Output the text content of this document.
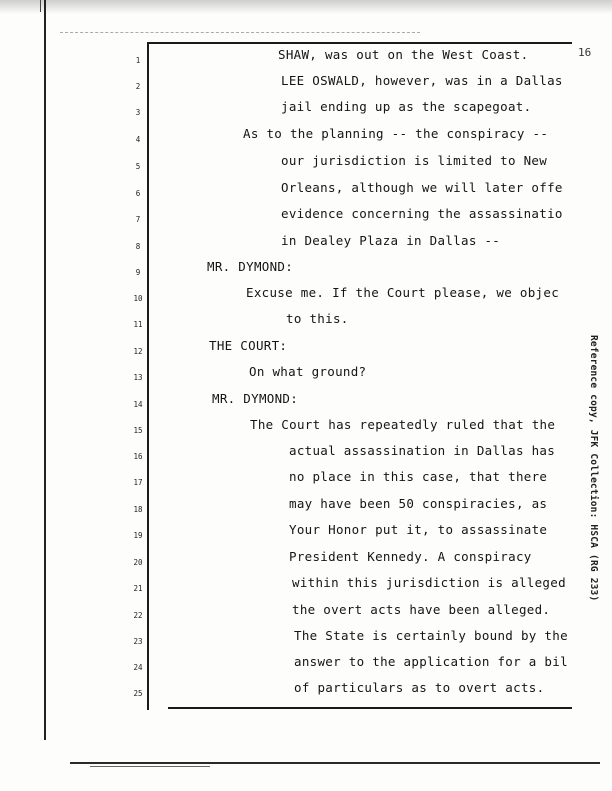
16
Reference copy, JFK Collection: HSCA (RG 233)
1
2
3
4
5
6
7
8
9
10
11
12
13
14
15
16
17
18
19
20
21
22
23
24
25
SHAW, was out on the West Coast.
LEE OSWALD, however, was in a Dallas
jail ending up as the scapegoat.
As to the planning -- the conspiracy --
our jurisdiction is limited to New
Orleans, although we will later offe
evidence concerning the assassinatio
in Dealey Plaza in Dallas --
MR. DYMOND:
Excuse me. If the Court please, we objec
to this.
THE COURT:
On what ground?
MR. DYMOND:
The Court has repeatedly ruled that the
actual assassination in Dallas has
no place in this case, that there
may have been 50 conspiracies, as
Your Honor put it, to assassinate
President Kennedy. A conspiracy
within this jurisdiction is alleged
the overt acts have been alleged.
The State is certainly bound by the
answer to the application for a bil
of particulars as to overt acts.
